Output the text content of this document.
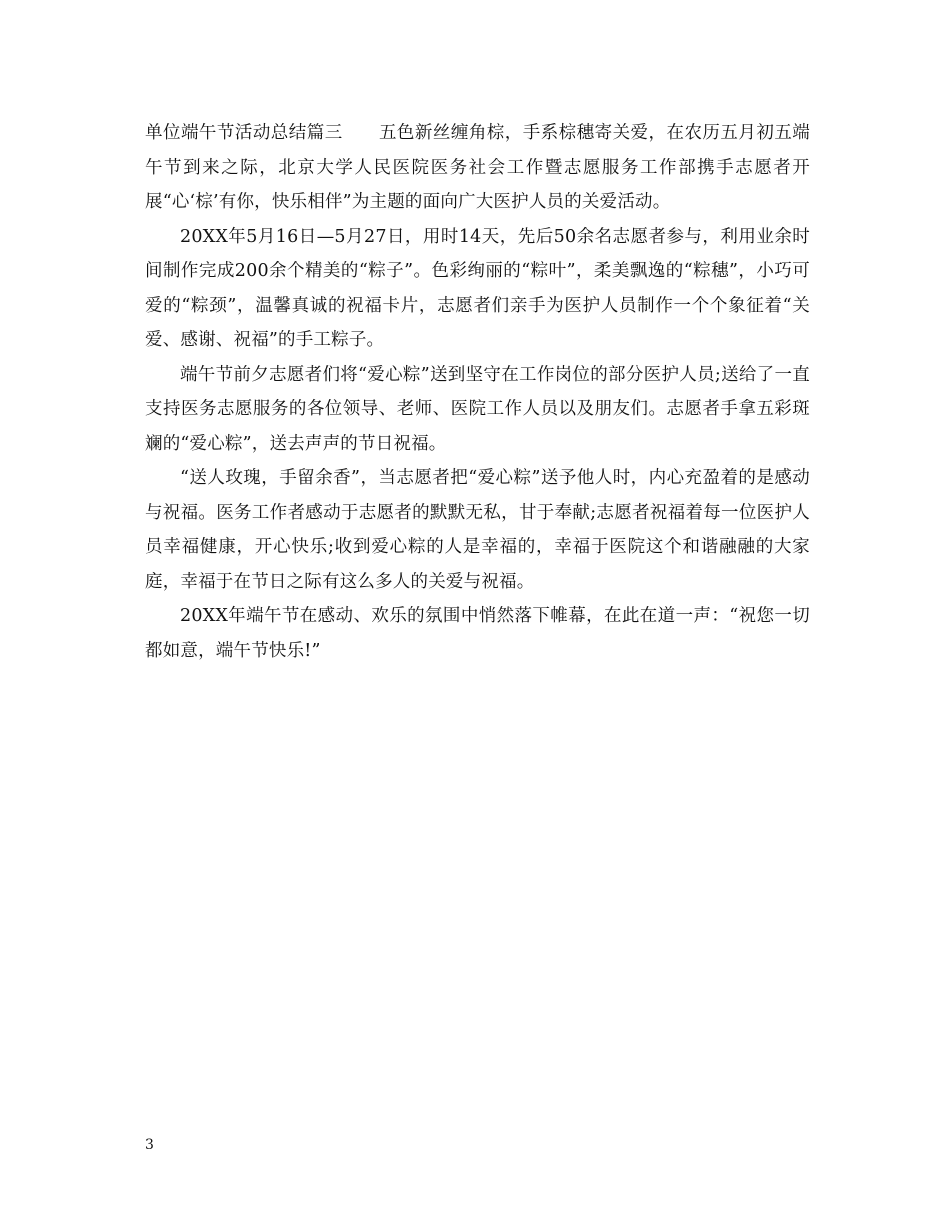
单位端午节活动总结篇三 五色新丝缠角棕，手系棕穗寄关爱，在农历五月初五端午节到来之际，北京大学人民医院医务社会工作暨志愿服务工作部携手志愿者开展“心‘棕’有你，快乐相伴”为主题的面向广大医护人员的关爱活动。

20XX年5月16日—5月27日，用时14天，先后50余名志愿者参与，利用业余时间制作完成200余个精美的“粽子”。色彩绚丽的“粽叶”，柔美飘逸的“粽穗”，小巧可爱的“粽颈”，温馨真诚的祝福卡片，志愿者们亲手为医护人员制作一个个象征着“关爱、感谢、祝福”的手工粽子。

端午节前夕志愿者们将“爱心粽”送到坚守在工作岗位的部分医护人员;送给了一直支持医务志愿服务的各位领导、老师、医院工作人员以及朋友们。志愿者手拿五彩斑斓的“爱心粽”，送去声声的节日祝福。

“送人玫瑰，手留余香”，当志愿者把“爱心粽”送予他人时，内心充盈着的是感动与祝福。医务工作者感动于志愿者的默默无私，甘于奉献;志愿者祝福着每一位医护人员幸福健康，开心快乐;收到爱心粽的人是幸福的，幸福于医院这个和谐融融的大家庭，幸福于在节日之际有这么多人的关爱与祝福。

20XX年端午节在感动、欢乐的氛围中悄然落下帷幕，在此在道一声：“祝您一切都如意，端午节快乐!”

3
